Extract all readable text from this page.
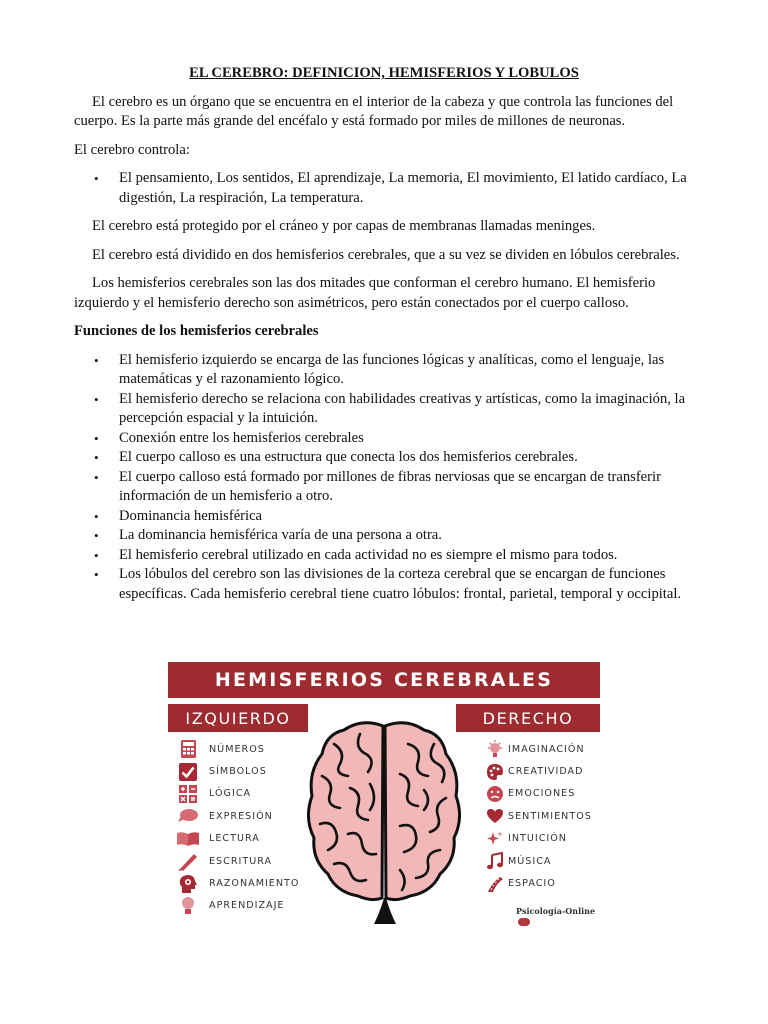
EL CEREBRO: DEFINICION, HEMISFERIOS Y LOBULOS

El cerebro es un órgano que se encuentra en el interior de la cabeza y que controla las funciones del cuerpo. Es la parte más grande del encéfalo y está formado por miles de millones de neuronas.

El cerebro controla:

• El pensamiento, Los sentidos, El aprendizaje, La memoria, El movimiento, El latido cardíaco, La digestión, La respiración, La temperatura.

El cerebro está protegido por el cráneo y por capas de membranas llamadas meninges.

El cerebro está dividido en dos hemisferios cerebrales, que a su vez se dividen en lóbulos cerebrales.

Los hemisferios cerebrales son las dos mitades que conforman el cerebro humano. El hemisferio izquierdo y el hemisferio derecho son asimétricos, pero están conectados por el cuerpo calloso.

Funciones de los hemisferios cerebrales

• El hemisferio izquierdo se encarga de las funciones lógicas y analíticas, como el lenguaje, las matemáticas y el razonamiento lógico.
• El hemisferio derecho se relaciona con habilidades creativas y artísticas, como la imaginación, la percepción espacial y la intuición.
• Conexión entre los hemisferios cerebrales
• El cuerpo calloso es una estructura que conecta los dos hemisferios cerebrales.
• El cuerpo calloso está formado por millones de fibras nerviosas que se encargan de transferir información de un hemisferio a otro.
• Dominancia hemisférica
• La dominancia hemisférica varía de una persona a otra.
• El hemisferio cerebral utilizado en cada actividad no es siempre el mismo para todos.
• Los lóbulos del cerebro son las divisiones de la corteza cerebral que se encargan de funciones específicas. Cada hemisferio cerebral tiene cuatro lóbulos: frontal, parietal, temporal y occipital.
HEMISFERIOS CEREBRALES
IZQUIERDO	DERECHO
NÚMEROS
SÍMBOLOS
LÓGICA
EXPRESIÓN
LECTURA
ESCRITURA
RAZONAMIENTO
APRENDIZAJE
IMAGINACIÓN
CREATIVIDAD
EMOCIONES
SENTIMIENTOS
INTUICIÓN
MÚSICA
ESPACIO
Psicología-Online
